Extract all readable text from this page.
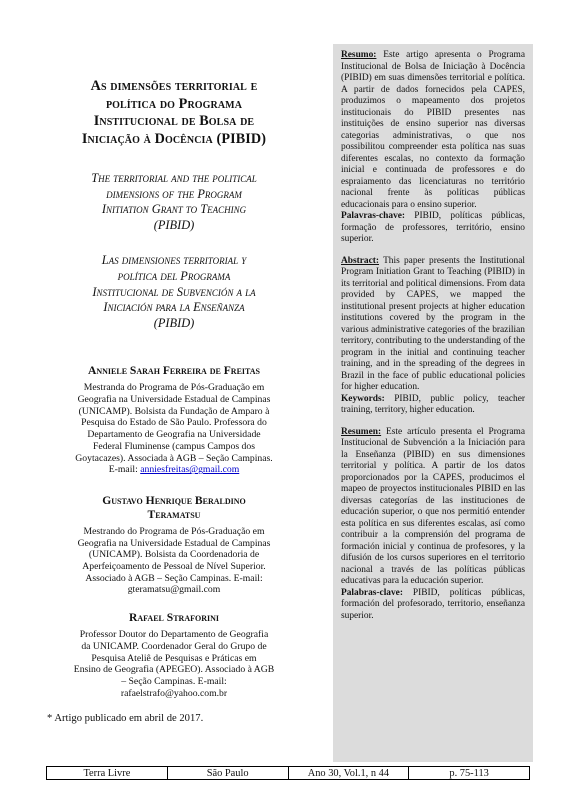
As dimensões territorial e
política do Programa
Institucional de Bolsa de
Iniciação à Docência (PIBID)
The territorial and the political
dimensions of the Program
Initiation Grant to Teaching
(PIBID)
Las dimensiones territorial y
política del Programa
Institucional de Subvención a la
Iniciación para la Enseñanza
(PIBID)
Anniele Sarah Ferreira de Freitas
Mestranda do Programa de Pós-Graduação em
Geografia na Universidade Estadual de Campinas
(UNICAMP). Bolsista da Fundação de Amparo à
Pesquisa do Estado de São Paulo. Professora do
Departamento de Geografia na Universidade
Federal Fluminense (campus Campos dos
Goytacazes). Associada à AGB – Seção Campinas.
E-mail: anniesfreitas@gmail.com
Gustavo Henrique Beraldino
Teramatsu
Mestrando do Programa de Pós-Graduação em
Geografia na Universidade Estadual de Campinas
(UNICAMP). Bolsista da Coordenadoria de
Aperfeiçoamento de Pessoal de Nível Superior.
Associado à AGB – Seção Campinas. E-mail:
gteramatsu@gmail.com
Rafael Straforini
Professor Doutor do Departamento de Geografia
da UNICAMP. Coordenador Geral do Grupo de
Pesquisa Ateliê de Pesquisas e Práticas em
Ensino de Geografia (APEGEO). Associado à AGB
– Seção Campinas. E-mail:
rafaelstrafo@yahoo.com.br
* Artigo publicado em abril de 2017.

Resumo: Este artigo apresenta o Programa Institucional de Bolsa de Iniciação à Docência (PIBID) em suas dimensões territorial e política. A partir de dados fornecidos pela CAPES, produzimos o mapeamento dos projetos institucionais do PIBID presentes nas instituições de ensino superior nas diversas categorias administrativas, o que nos possibilitou compreender esta política nas suas diferentes escalas, no contexto da formação inicial e continuada de professores e do espraiamento das licenciaturas no território nacional frente às políticas públicas educacionais para o ensino superior.

Palavras-chave: PIBID, políticas públicas, formação de professores, território, ensino superior.

Abstract: This paper presents the Institutional Program Initiation Grant to Teaching (PIBID) in its territorial and political dimensions. From data provided by CAPES, we mapped the institutional present projects at higher education institutions covered by the program in the various administrative categories of the brazilian territory, contributing to the understanding of the program in the initial and continuing teacher training, and in the spreading of the degrees in Brazil in the face of public educational policies for higher education.

Keywords: PIBID, public policy, teacher training, territory, higher education.

Resumen: Este artículo presenta el Programa Institucional de Subvención a la Iniciación para la Enseñanza (PIBID) en sus dimensiones territorial y política. A partir de los datos proporcionados por la CAPES, producimos el mapeo de proyectos institucionales PIBID en las diversas categorías de las instituciones de educación superior, o que nos permitió entender esta política en sus diferentes escalas, así como contribuir a la comprensión del programa de formación inicial y continua de profesores, y la difusión de los cursos superiores en el territorio nacional a través de las políticas públicas educativas para la educación superior.

Palabras-clave: PIBID, políticas públicas, formación del profesorado, territorio, enseñanza superior.

Terra Livre	São Paulo	Ano 30, Vol.1, n 44	p. 75-113
